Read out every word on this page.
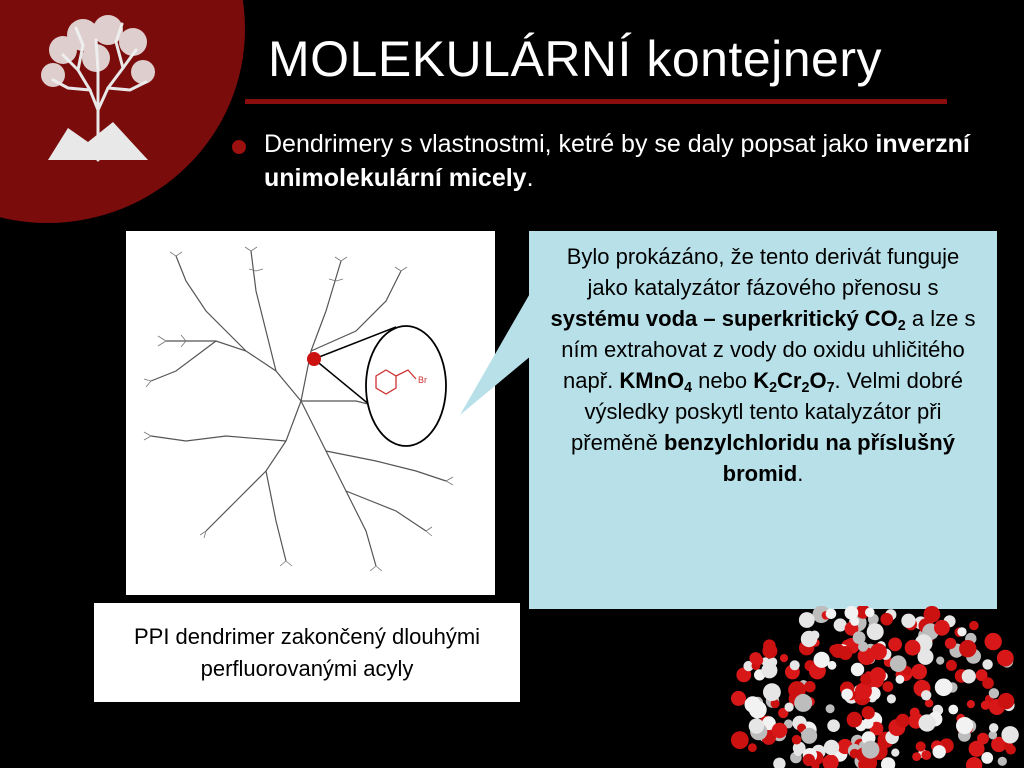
MOLEKULÁRNÍ kontejnery
Dendrimery s vlastnostmi, ketré by se daly popsat jako inverzní unimolekulární micely.
Br
PPI dendrimer zakončený dlouhými perfluorovanými acyly
Bylo prokázáno, že tento derivát funguje jako katalyzátor fázového přenosu s systému voda – superkritický $CO_2$ a lze s ním extrahovat z vody do oxidu uhličitého např. KMnO$_4$ nebo $K_2Cr_2O_7$. Velmi dobré výsledky poskytl tento katalyzátor při přeměně benzylchloridu na příslušný bromid.
